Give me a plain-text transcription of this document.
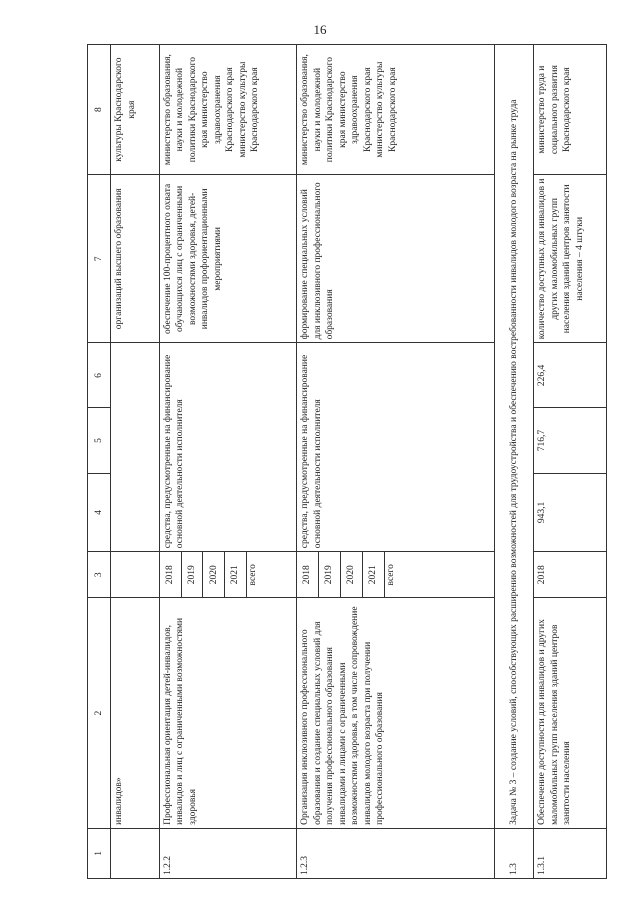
16
1	2	3	4	5	6	7	8
	инвалидов»					организаций высшего образования	культуры Краснодарского края
1.2.2	Профессиональная ориентация детей-инвалидов, инвалидов и лиц с ограниченными возможностями здоровья	2018	средства, предусмотренные на финансирование основной деятельности исполнителя			обеспечение 100-процентного охвата обучающихся лиц с ограниченными возможностями здоровья, детей-инвалидов профориентационными мероприятиями	министерство образования, науки и молодежной политики Краснодарского края министерство здравоохранения Краснодарского края министерство культуры Краснодарского края
		2019					
		2020					
		2021					
		всего					
1.2.3	Организация инклюзивного профессионального образования и создание специальных условий для получения профессионального образования инвалидами и лицами с ограниченными возможностями здоровья, в том числе сопровождение инвалидов молодого возраста при получении профессионального образования	2018	средства, предусмотренные на финансирование основной деятельности исполнителя			формирование специальных условий для инклюзивного профессионального образования	министерство образования, науки и молодежной политики Краснодарского края министерство здравоохранения Краснодарского края министерство культуры Краснодарского края
		2019					
		2020					
		2021					
		всего					
1.3	Задача № 3 – создание условий, способствующих расширению возможностей для трудоустройства и обеспечению востребованности инвалидов молодого возраста на рынке труда						
1.3.1	Обеспечение доступности для инвалидов и других маломобильных групп населения зданий центров занятости населения	2018	943,1	716,7	226,4	количество доступных для инвалидов и других маломобильных групп населения зданий центров занятости населения – 4 штуки	министерство труда и социального развития Краснодарского края
